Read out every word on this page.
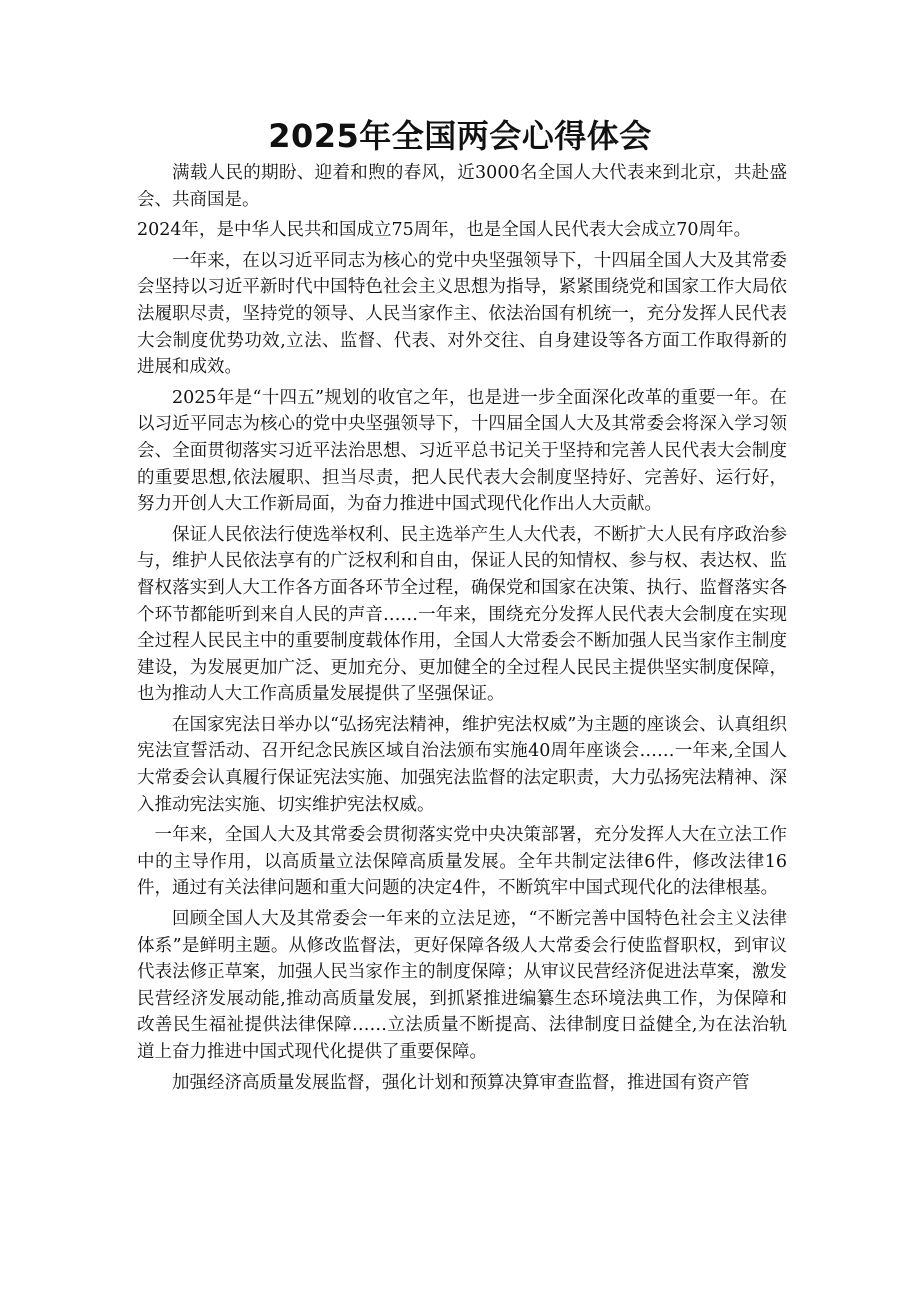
2025年全国两会心得体会

满载人民的期盼、迎着和煦的春风，近3000名全国人大代表来到北京，共赴盛会、共商国是。

2024年，是中华人民共和国成立75周年，也是全国人民代表大会成立70周年。

一年来，在以习近平同志为核心的党中央坚强领导下，十四届全国人大及其常委会坚持以习近平新时代中国特色社会主义思想为指导，紧紧围绕党和国家工作大局依法履职尽责，坚持党的领导、人民当家作主、依法治国有机统一，充分发挥人民代表大会制度优势功效,立法、监督、代表、对外交往、自身建设等各方面工作取得新的进展和成效。

2025年是“十四五”规划的收官之年，也是进一步全面深化改革的重要一年。在以习近平同志为核心的党中央坚强领导下，十四届全国人大及其常委会将深入学习领会、全面贯彻落实习近平法治思想、习近平总书记关于坚持和完善人民代表大会制度的重要思想,依法履职、担当尽责，把人民代表大会制度坚持好、完善好、运行好，努力开创人大工作新局面，为奋力推进中国式现代化作出人大贡献。

保证人民依法行使选举权利、民主选举产生人大代表，不断扩大人民有序政治参与，维护人民依法享有的广泛权利和自由，保证人民的知情权、参与权、表达权、监督权落实到人大工作各方面各环节全过程，确保党和国家在决策、执行、监督落实各个环节都能听到来自人民的声音……一年来，围绕充分发挥人民代表大会制度在实现全过程人民民主中的重要制度载体作用，全国人大常委会不断加强人民当家作主制度建设，为发展更加广泛、更加充分、更加健全的全过程人民民主提供坚实制度保障，也为推动人大工作高质量发展提供了坚强保证。

在国家宪法日举办以“弘扬宪法精神，维护宪法权威”为主题的座谈会、认真组织宪法宣誓活动、召开纪念民族区域自治法颁布实施40周年座谈会……一年来,全国人大常委会认真履行保证宪法实施、加强宪法监督的法定职责，大力弘扬宪法精神、深入推动宪法实施、切实维护宪法权威。

一年来，全国人大及其常委会贯彻落实党中央决策部署，充分发挥人大在立法工作中的主导作用，以高质量立法保障高质量发展。全年共制定法律6件，修改法律16件，通过有关法律问题和重大问题的决定4件，不断筑牢中国式现代化的法律根基。

回顾全国人大及其常委会一年来的立法足迹，“不断完善中国特色社会主义法律体系”是鲜明主题。从修改监督法，更好保障各级人大常委会行使监督职权，到审议代表法修正草案，加强人民当家作主的制度保障；从审议民营经济促进法草案，激发民营经济发展动能,推动高质量发展，到抓紧推进编纂生态环境法典工作，为保障和改善民生福祉提供法律保障……立法质量不断提高、法律制度日益健全,为在法治轨道上奋力推进中国式现代化提供了重要保障。

加强经济高质量发展监督，强化计划和预算决算审查监督，推进国有资产管
